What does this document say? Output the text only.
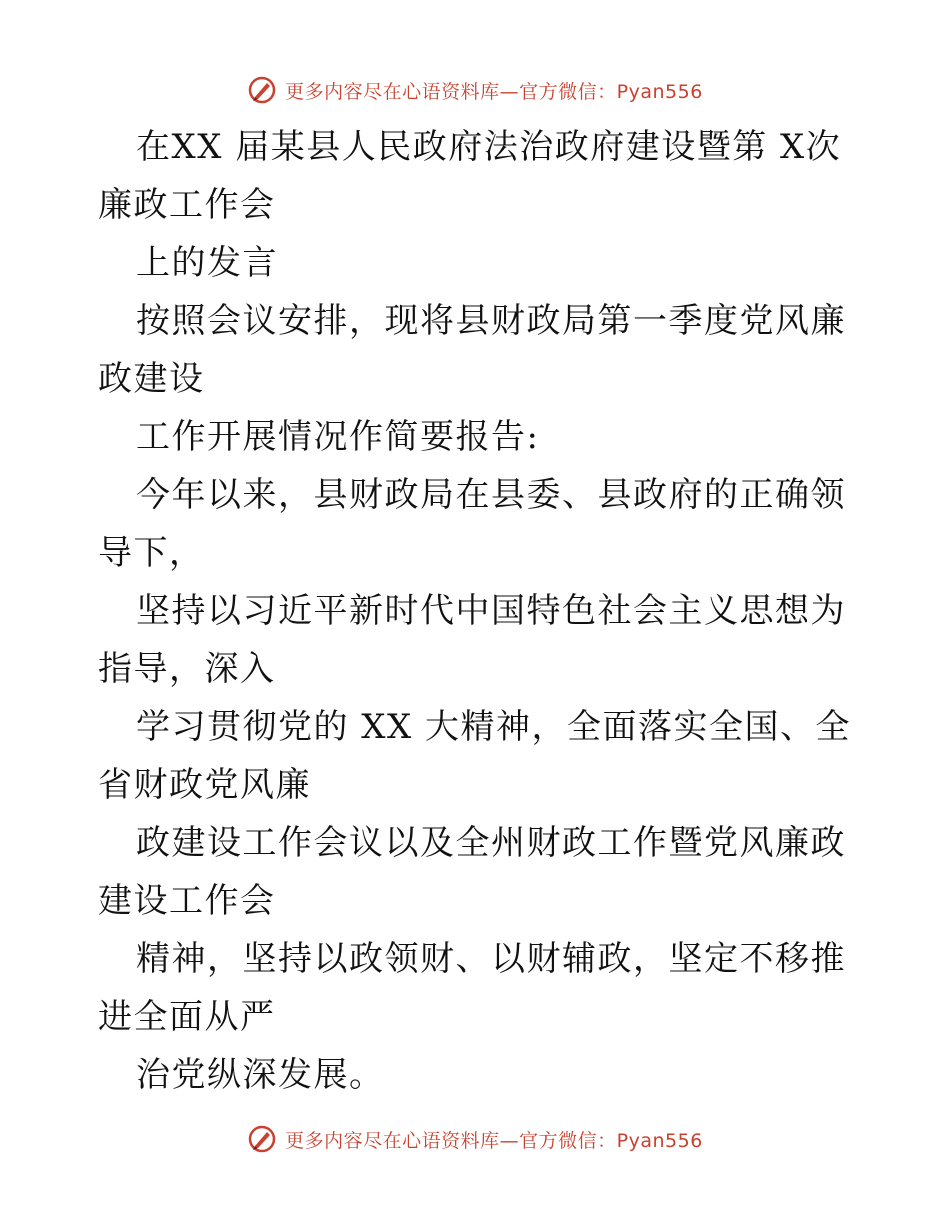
更多内容尽在心语资料库—官方微信：Pyan556

在XX 届某县人民政府法治政府建设暨第 X次廉政工作会

上的发言

按照会议安排，现将县财政局第一季度党风廉政建设

工作开展情况作简要报告:

今年以来，县财政局在县委、县政府的正确领导下，

坚持以习近平新时代中国特色社会主义思想为指导，深入

学习贯彻党的 XX 大精神，全面落实全国、全省财政党风廉

政建设工作会议以及全州财政工作暨党风廉政建设工作会

精神，坚持以政领财、以财辅政，坚定不移推进全面从严

治党纵深发展。

更多内容尽在心语资料库—官方微信：Pyan556
